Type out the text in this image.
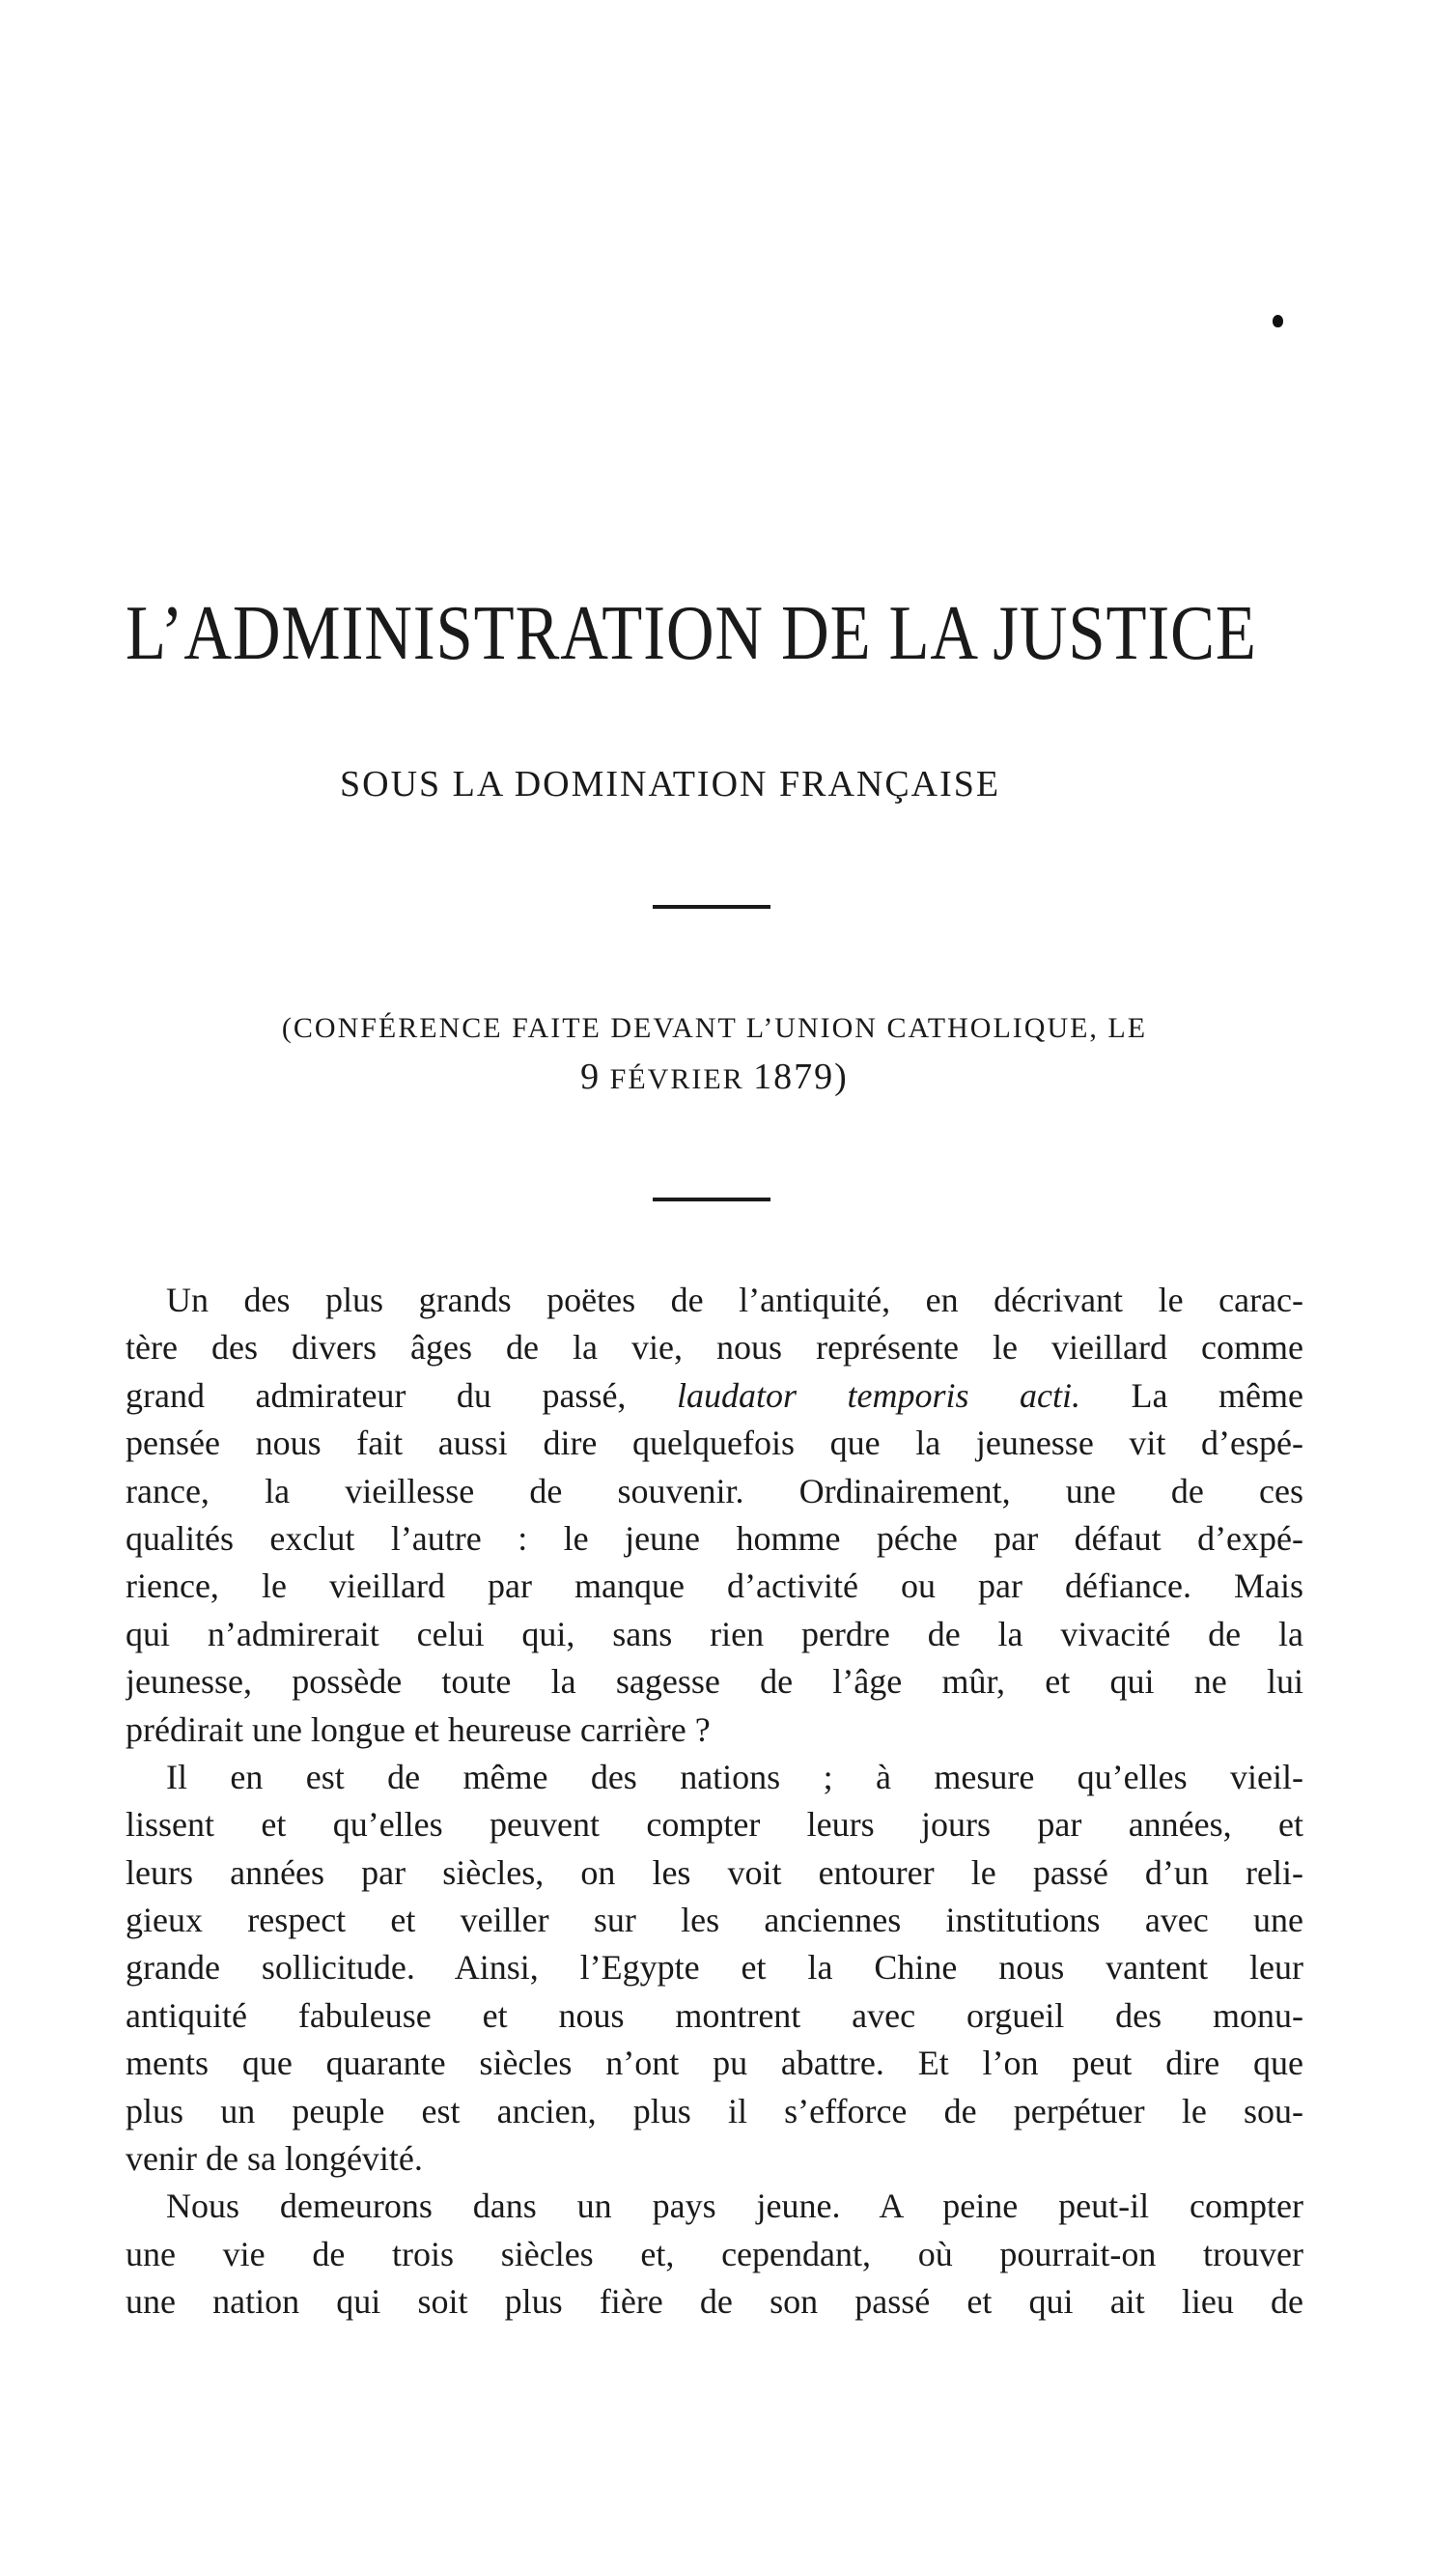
L’ADMINISTRATION DE LA JUSTICE
SOUS LA DOMINATION FRANÇAISE
(CONFÉRENCE FAITE DEVANT L’UNION CATHOLIQUE, LE
9 FÉVRIER 1879)
Un des plus grands poëtes de l’antiquité, en décrivant le carac-
tère des divers âges de la vie, nous représente le vieillard comme
grand admirateur du passé, laudator temporis acti. La même
pensée nous fait aussi dire quelquefois que la jeunesse vit d’espé-
rance, la vieillesse de souvenir. Ordinairement, une de ces
qualités exclut l’autre : le jeune homme péche par défaut d’expé-
rience, le vieillard par manque d’activité ou par défiance. Mais
qui n’admirerait celui qui, sans rien perdre de la vivacité de la
jeunesse, possède toute la sagesse de l’âge mûr, et qui ne lui
prédirait une longue et heureuse carrière ?
Il en est de même des nations ; à mesure qu’elles vieil-
lissent et qu’elles peuvent compter leurs jours par années, et
leurs années par siècles, on les voit entourer le passé d’un reli-
gieux respect et veiller sur les anciennes institutions avec une
grande sollicitude. Ainsi, l’Egypte et la Chine nous vantent leur
antiquité fabuleuse et nous montrent avec orgueil des monu-
ments que quarante siècles n’ont pu abattre. Et l’on peut dire que
plus un peuple est ancien, plus il s’efforce de perpétuer le sou-
venir de sa longévité.
Nous demeurons dans un pays jeune. A peine peut-il compter
une vie de trois siècles et, cependant, où pourrait-on trouver
une nation qui soit plus fière de son passé et qui ait lieu de
